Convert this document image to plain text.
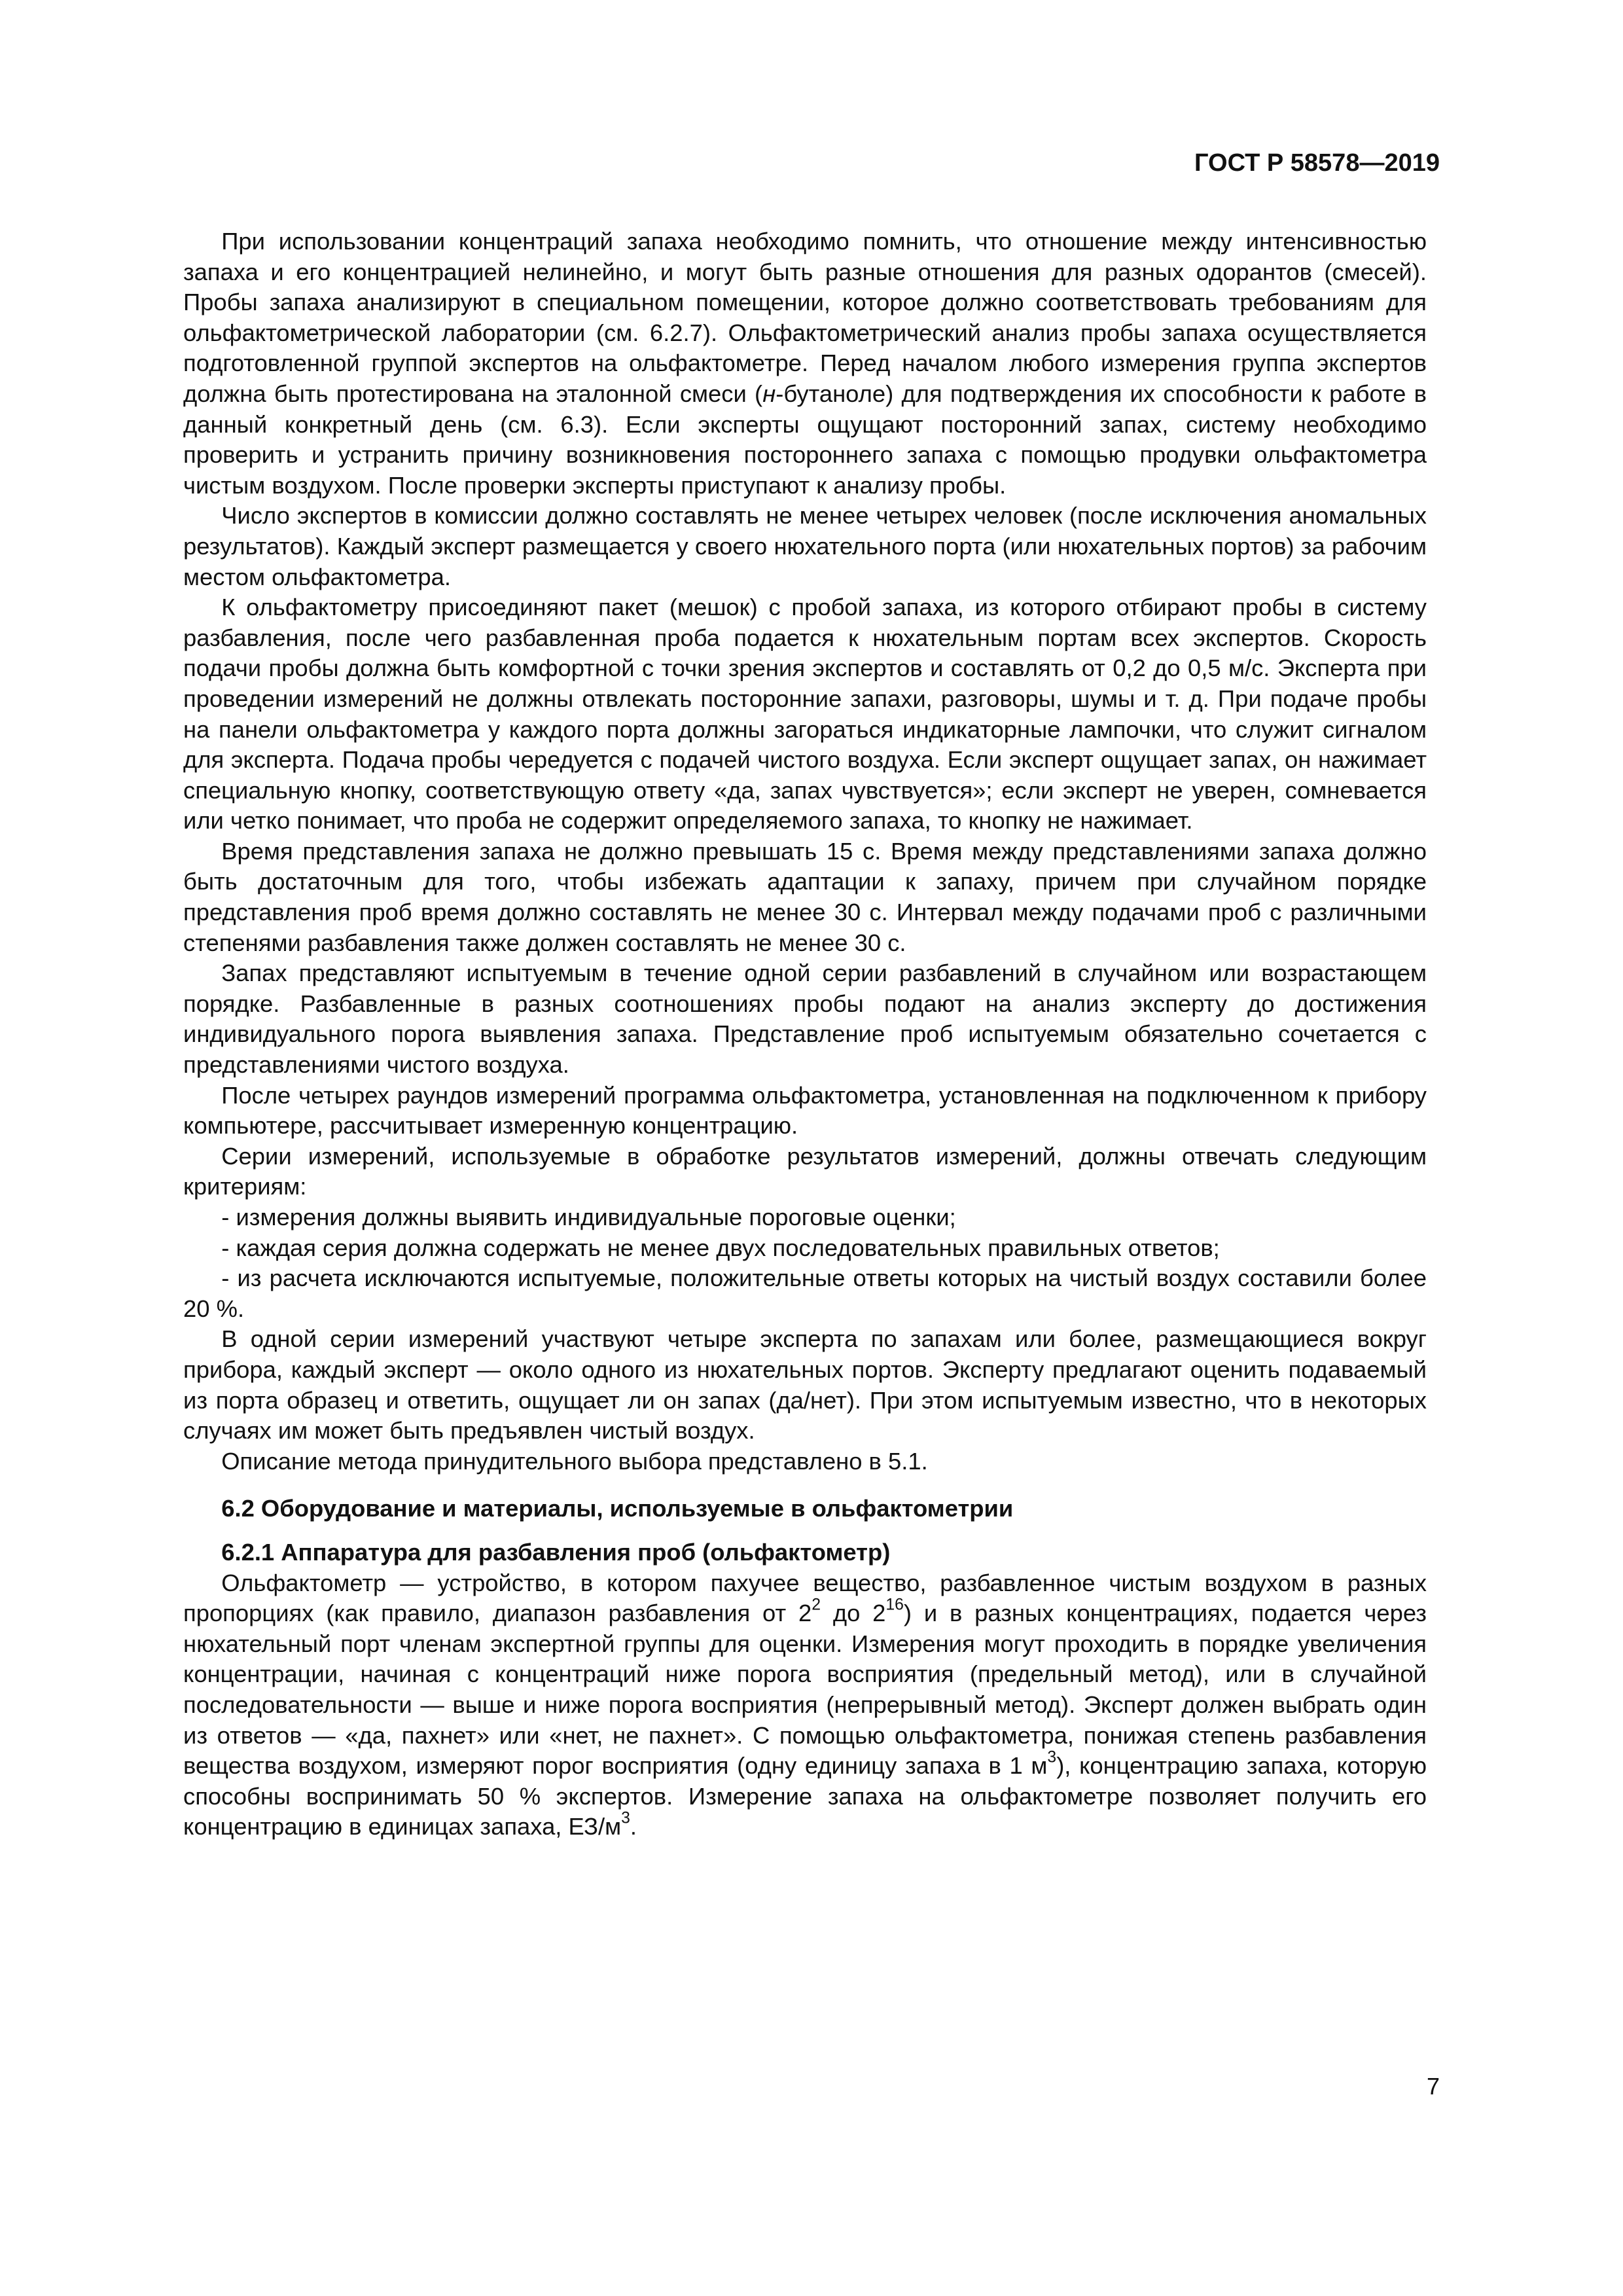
ГОСТ Р 58578—2019

При использовании концентраций запаха необходимо помнить, что отношение между интенсивностью запаха и его концентрацией нелинейно, и могут быть разные отношения для разных одорантов (смесей). Пробы запаха анализируют в специальном помещении, которое должно соответствовать требованиям для ольфактометрической лаборатории (см. 6.2.7). Ольфактометрический анализ пробы запаха осуществляется подготовленной группой экспертов на ольфактометре. Перед началом любого измерения группа экспертов должна быть протестирована на эталонной смеси (н-бутаноле) для подтверждения их способности к работе в данный конкретный день (см. 6.3). Если эксперты ощущают посторонний запах, систему необходимо проверить и устранить причину возникновения постороннего запаха с помощью продувки ольфактометра чистым воздухом. После проверки эксперты приступают к анализу пробы.

Число экспертов в комиссии должно составлять не менее четырех человек (после исключения аномальных результатов). Каждый эксперт размещается у своего нюхательного порта (или нюхательных портов) за рабочим местом ольфактометра.

К ольфактометру присоединяют пакет (мешок) с пробой запаха, из которого отбирают пробы в систему разбавления, после чего разбавленная проба подается к нюхательным портам всех экспертов. Скорость подачи пробы должна быть комфортной с точки зрения экспертов и составлять от 0,2 до 0,5 м/с. Эксперта при проведении измерений не должны отвлекать посторонние запахи, разговоры, шумы и т. д. При подаче пробы на панели ольфактометра у каждого порта должны загораться индикаторные лампочки, что служит сигналом для эксперта. Подача пробы чередуется с подачей чистого воздуха. Если эксперт ощущает запах, он нажимает специальную кнопку, соответствующую ответу «да, запах чувствуется»; если эксперт не уверен, сомневается или четко понимает, что проба не содержит определяемого запаха, то кнопку не нажимает.

Время представления запаха не должно превышать 15 с. Время между представлениями запаха должно быть достаточным для того, чтобы избежать адаптации к запаху, причем при случайном порядке представления проб время должно составлять не менее 30 с. Интервал между подачами проб с различными степенями разбавления также должен составлять не менее 30 с.

Запах представляют испытуемым в течение одной серии разбавлений в случайном или возрастающем порядке. Разбавленные в разных соотношениях пробы подают на анализ эксперту до достижения индивидуального порога выявления запаха. Представление проб испытуемым обязательно сочетается с представлениями чистого воздуха.

После четырех раундов измерений программа ольфактометра, установленная на подключенном к прибору компьютере, рассчитывает измеренную концентрацию.

Серии измерений, используемые в обработке результатов измерений, должны отвечать следующим критериям:

- измерения должны выявить индивидуальные пороговые оценки;

- каждая серия должна содержать не менее двух последовательных правильных ответов;

- из расчета исключаются испытуемые, положительные ответы которых на чистый воздух составили более 20 %.

В одной серии измерений участвуют четыре эксперта по запахам или более, размещающиеся вокруг прибора, каждый эксперт — около одного из нюхательных портов. Эксперту предлагают оценить подаваемый из порта образец и ответить, ощущает ли он запах (да/нет). При этом испытуемым известно, что в некоторых случаях им может быть предъявлен чистый воздух.

Описание метода принудительного выбора представлено в 5.1.

6.2 Оборудование и материалы, используемые в ольфактометрии
6.2.1 Аппаратура для разбавления проб (ольфактометр)

Ольфактометр — устройство, в котором пахучее вещество, разбавленное чистым воздухом в разных пропорциях (как правило, диапазон разбавления от $2^2$ до $2^{16}$) и в разных концентрациях, подается через нюхательный порт членам экспертной группы для оценки. Измерения могут проходить в порядке увеличения концентрации, начиная с концентраций ниже порога восприятия (предельный метод), или в случайной последовательности — выше и ниже порога восприятия (непрерывный метод). Эксперт должен выбрать один из ответов — «да, пахнет» или «нет, не пахнет». С помощью ольфактометра, понижая степень разбавления вещества воздухом, измеряют порог восприятия (одну единицу запаха в 1 $м^3$), концентрацию запаха, которую способны воспринимать 50 % экспертов. Измерение запаха на ольфактометре позволяет получить его концентрацию в единицах запаха, $ЕЗ/м^3$.

7
